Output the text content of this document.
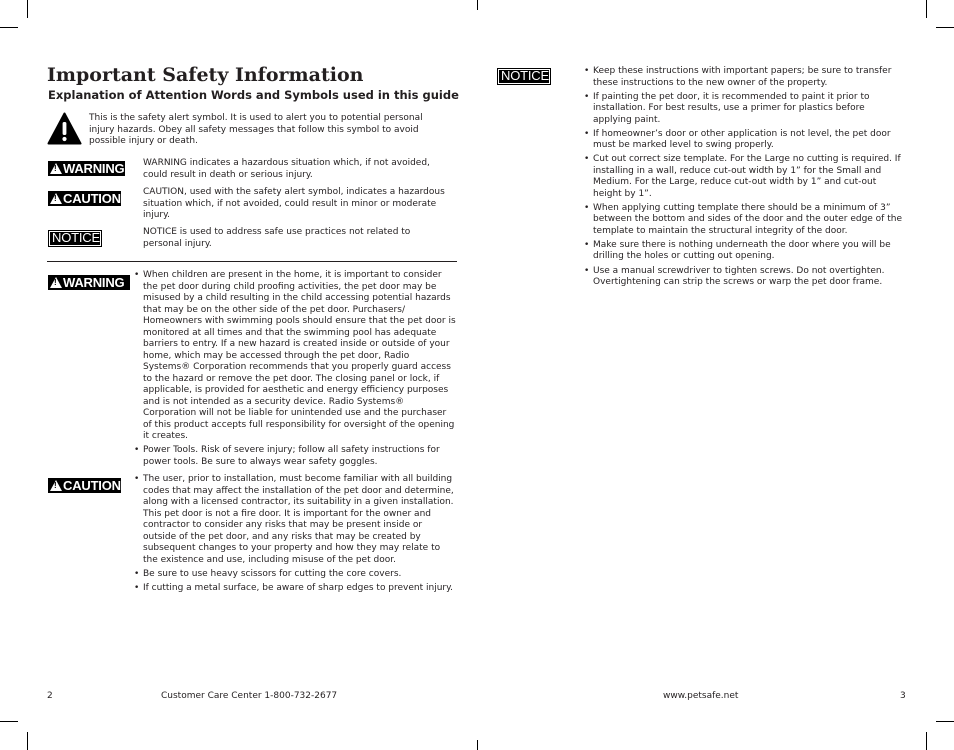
Important Safety Information
Explanation of Attention Words and Symbols used in this guide
This is the safety alert symbol. It is used to alert you to potential personal injury hazards. Obey all safety messages that follow this symbol to avoid possible injury or death.
!WARNING WARNING indicates a hazardous situation which, if not avoided, could result in death or serious injury.
!CAUTION CAUTION, used with the safety alert symbol, indicates a hazardous situation which, if not avoided, could result in minor or moderate injury.
NOTICE	NOTICE is used to address safe use practices not related to personal injury.
!WARNING	• When children are present in the home, it is important to consider the pet door during child proofing activities, the pet door may be misused by a child resulting in the child accessing potential hazards that may be on the other side of the pet door. Purchasers/ Homeowners with swimming pools should ensure that the pet door is monitored at all times and that the swimming pool has adequate barriers to entry. If a new hazard is created inside or outside of your home, which may be accessed through the pet door, Radio Systems® Corporation recommends that you properly guard access to the hazard or remove the pet door. The closing panel or lock, if applicable, is provided for aesthetic and energy efficiency purposes and is not intended as a security device. Radio Systems® Corporation will not be liable for unintended use and the purchaser of this product accepts full responsibility for oversight of the opening it creates.
• Power Tools. Risk of severe injury; follow all safety instructions for power tools. Be sure to always wear safety goggles.
!CAUTION	• The user, prior to installation, must become familiar with all building codes that may affect the installation of the pet door and determine, along with a licensed contractor, its suitability in a given installation. This pet door is not a fire door. It is important for the owner and contractor to consider any risks that may be present inside or outside of the pet door, and any risks that may be created by subsequent changes to your property and how they may relate to the existence and use, including misuse of the pet door.
• Be sure to use heavy scissors for cutting the core covers.
• If cutting a metal surface, be aware of sharp edges to prevent injury.
2	Customer Care Center 1-800-732-2677
NOTICE	• Keep these instructions with important papers; be sure to transfer these instructions to the new owner of the property.
• If painting the pet door, it is recommended to paint it prior to installation. For best results, use a primer for plastics before applying paint.
• If homeowner’s door or other application is not level, the pet door must be marked level to swing properly.
• Cut out correct size template. For the Large no cutting is required. If installing in a wall, reduce cut-out width by 1” for the Small and Medium. For the Large, reduce cut-out width by 1” and cut-out height by 1”.
• When applying cutting template there should be a minimum of 3” between the bottom and sides of the door and the outer edge of the template to maintain the structural integrity of the door.
• Make sure there is nothing underneath the door where you will be drilling the holes or cutting out opening.
• Use a manual screwdriver to tighten screws. Do not overtighten. Overtightening can strip the screws or warp the pet door frame.
www.petsafe.net	3
